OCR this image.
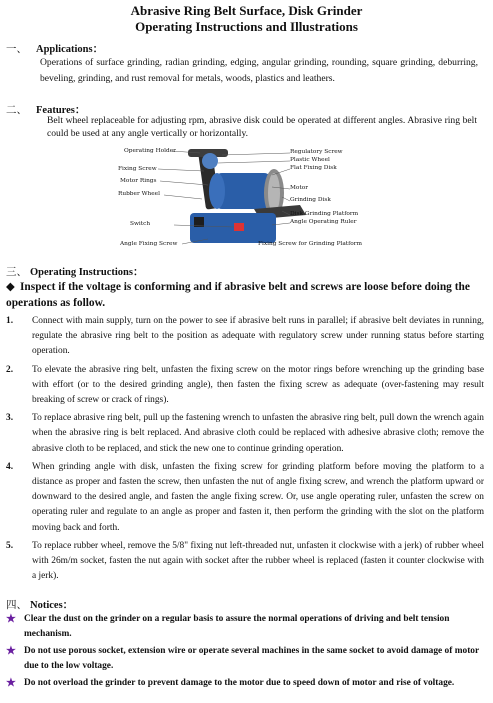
Abrasive Ring Belt Surface, Disk Grinder
Operating Instructions and Illustrations
一、 Applications：
Operations of surface grinding, radian grinding, edging, angular grinding, rounding, square grinding, deburring, beveling, grinding, and rust removal for metals, woods, plastics and leathers.
二、 Features：
Belt wheel replaceable for adjusting rpm, abrasive disk could be operated at different angles. Abrasive ring belt could be used at any angle vertically or horizontally.
Operating Holder
Fixing Screw
Motor Rings
Rubber Wheel
Switch
Angle Fixing Screw
Regulatory Screw
Plastic Wheel
Flat Fixing Disk
Motor
Grinding Disk
Disk Grinding Platform
Angle Operating Ruler
Fixing Screw for Grinding Platform
三、 Operating Instructions：
◆ Inspect if the voltage is conforming and if abrasive belt and screws are loose before doing the operations as follow.
1.	Connect with main supply, turn on the power to see if abrasive belt runs in parallel; if abrasive belt deviates in running, regulate the abrasive ring belt to the position as adequate with regulatory screw under running status before starting operation.
2.	To elevate the abrasive ring belt, unfasten the fixing screw on the motor rings before wrenching up the grinding base with effort (or to the desired grinding angle), then fasten the fixing screw as adequate (over-fastening may result breaking of screw or crack of rings).
3.	To replace abrasive ring belt, pull up the fastening wrench to unfasten the abrasive ring belt, pull down the wrench again when the abrasive ring is belt replaced. And abrasive cloth could be replaced with adhesive abrasive cloth; remove the abrasive cloth to be replaced, and stick the new one to continue grinding operation.
4.	When grinding angle with disk, unfasten the fixing screw for grinding platform before moving the platform to a distance as proper and fasten the screw, then unfasten the nut of angle fixing screw, and wrench the platform upward or downward to the desired angle, and fasten the angle fixing screw. Or, use angle operating ruler, unfasten the screw on operating ruler and regulate to an angle as proper and fasten it, then perform the grinding with the slot on the platform moving back and forth.
5.	To replace rubber wheel, remove the 5/8" fixing nut left-threaded nut, unfasten it clockwise with a jerk) of rubber wheel with 26m/m socket, fasten the nut again with socket after the rubber wheel is replaced (fasten it counter clockwise with a jerk).
四、 Notices：
★ Clear the dust on the grinder on a regular basis to assure the normal operations of driving and belt tension mechanism.
★ Do not use porous socket, extension wire or operate several machines in the same socket to avoid damage of motor due to the low voltage.
★ Do not overload the grinder to prevent damage to the motor due to speed down of motor and rise of voltage.
